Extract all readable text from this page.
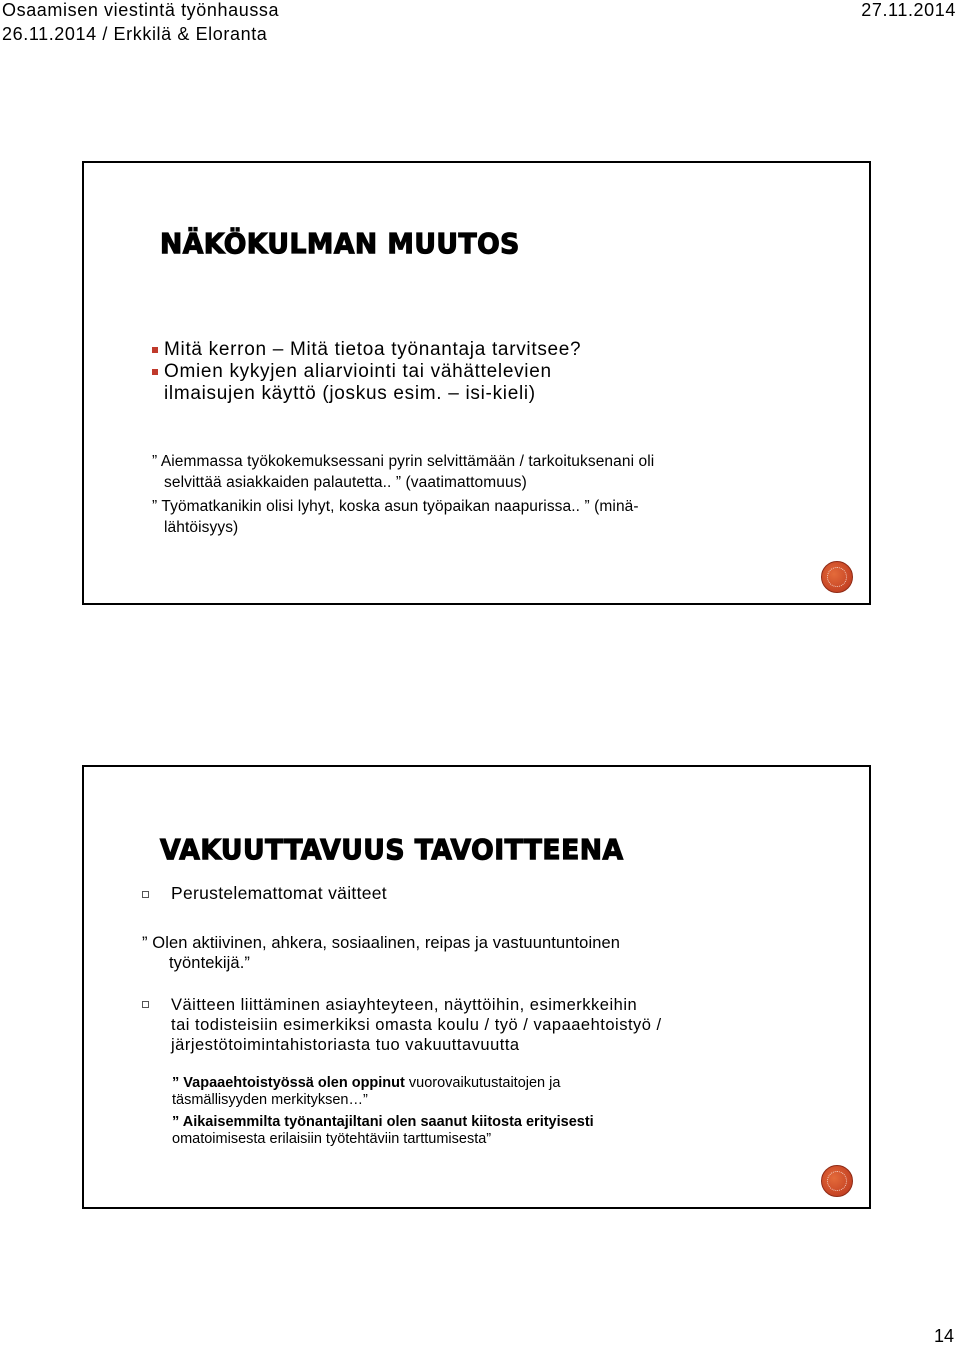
Osaamisen viestintä työnhaussa
26.11.2014 / Erkkilä & Eloranta
27.11.2014
NÄKÖKULMAN MUUTOS
Mitä kerron – Mitä tietoa työnantaja tarvitsee?
Omien kykyjen aliarviointi tai vähättelevien
ilmaisujen käyttö (joskus esim. – isi-kieli)

” Aiemmassa työkokemuksessani pyrin selvittämään / tarkoituksenani oli
selvittää asiakkaiden palautetta.. ” (vaatimattomuus)

” Työmatkanikin olisi lyhyt, koska asun työpaikan naapurissa.. ” (minä-
lähtöisyys)

VAKUUTTAVUUS TAVOITTEENA
Perustelemattomat väitteet

” Olen aktiivinen, ahkera, sosiaalinen, reipas ja vastuuntuntoinen
työntekijä.”

Väitteen liittäminen asiayhteyteen, näyttöihin, esimerkkeihin
tai todisteisiin esimerkiksi omasta koulu / työ / vapaaehtoistyö /
järjestötoimintahistoriasta tuo vakuuttavuutta

” Vapaaehtoistyössä olen oppinut vuorovaikutustaitojen ja
täsmällisyyden merkityksen…”

” Aikaisemmilta työnantajiltani olen saanut kiitosta erityisesti
omatoimisesta erilaisiin työtehtäviin tarttumisesta”

14
